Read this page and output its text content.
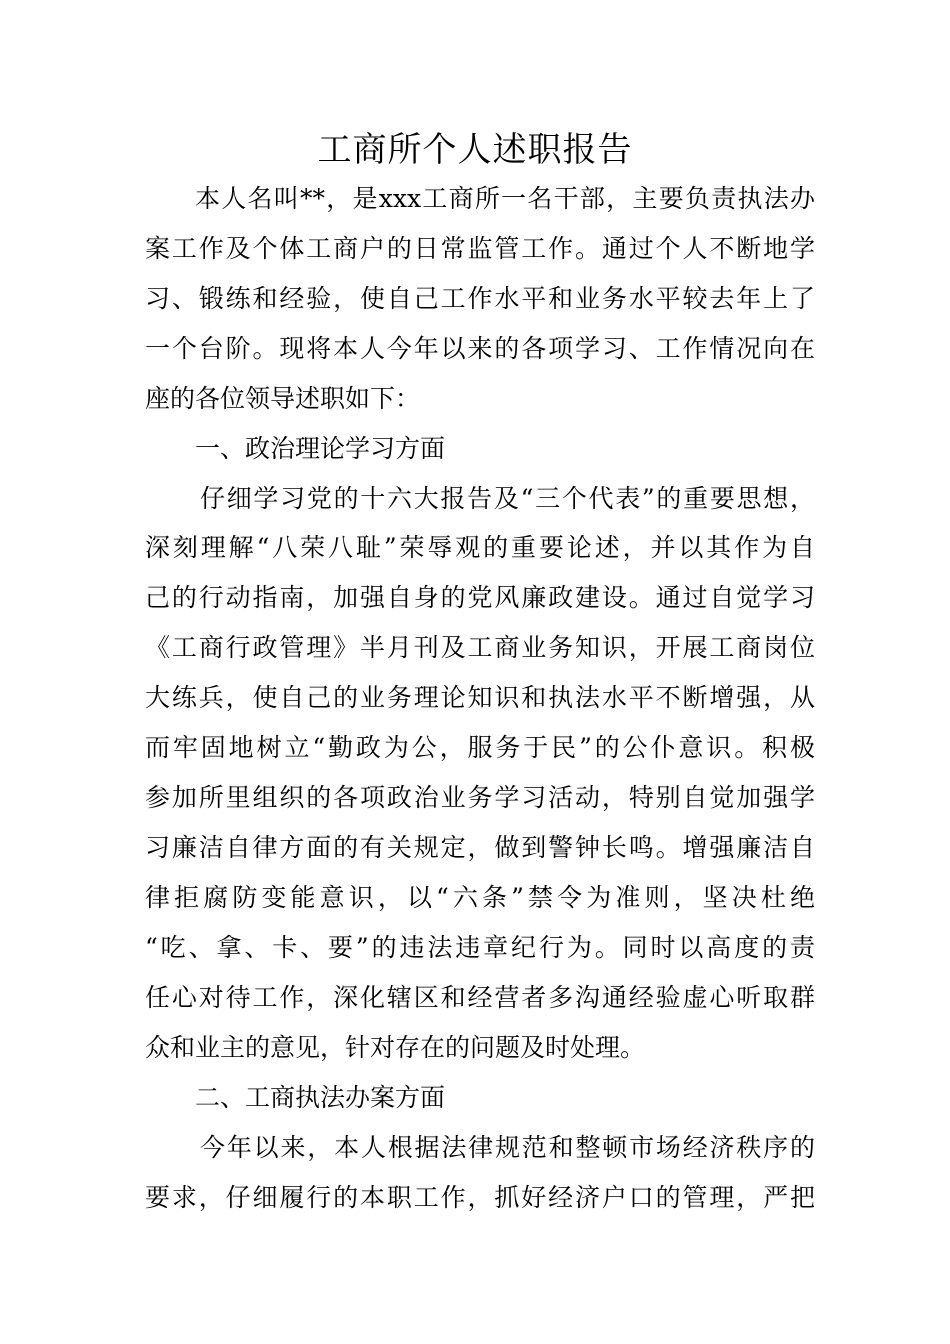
工商所个人述职报告
本人名叫**，是xxx工商所一名干部，主要负责执法办
案工作及个体工商户的日常监管工作。通过个人不断地学
习、锻练和经验，使自己工作水平和业务水平较去年上了
一个台阶。现将本人今年以来的各项学习、工作情况向在
座的各位领导述职如下：
一、政治理论学习方面
仔细学习党的十六大报告及“三个代表”的重要思想，
深刻理解“八荣八耻”荣辱观的重要论述，并以其作为自
己的行动指南，加强自身的党风廉政建设。通过自觉学习
《工商行政管理》半月刊及工商业务知识，开展工商岗位
大练兵，使自己的业务理论知识和执法水平不断增强，从
而牢固地树立“勤政为公，服务于民”的公仆意识。积极
参加所里组织的各项政治业务学习活动，特别自觉加强学
习廉洁自律方面的有关规定，做到警钟长鸣。增强廉洁自
律拒腐防变能意识，以“六条”禁令为准则，坚决杜绝
“吃、拿、卡、要”的违法违章纪行为。同时以高度的责
任心对待工作，深化辖区和经营者多沟通经验虚心听取群
众和业主的意见，针对存在的问题及时处理。
二、工商执法办案方面
今年以来，本人根据法律规范和整顿市场经济秩序的
要求，仔细履行的本职工作，抓好经济户口的管理，严把
